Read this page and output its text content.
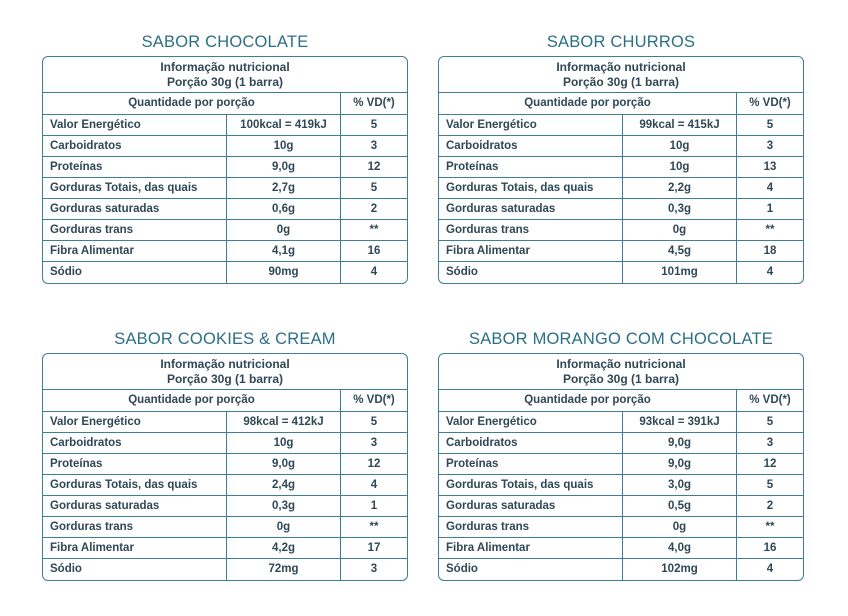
SABOR CHOCOLATE
Informação nutricional
Porção 30g (1 barra)
Quantidade por porção	% VD(*)
Valor Energético	100kcal = 419kJ	5
Carboidratos	10g	3
Proteínas	9,0g	12
Gorduras Totais, das quais	2,7g	5
Gorduras saturadas	0,6g	2
Gorduras trans	0g	**
Fibra Alimentar	4,1g	16
Sódio	90mg	4
SABOR CHURROS
Informação nutricional
Porção 30g (1 barra)
Quantidade por porção	% VD(*)
Valor Energético	99kcal = 415kJ	5
Carboidratos	10g	3
Proteínas	10g	13
Gorduras Totais, das quais	2,2g	4
Gorduras saturadas	0,3g	1
Gorduras trans	0g	**
Fibra Alimentar	4,5g	18
Sódio	101mg	4
SABOR COOKIES & CREAM
Informação nutricional
Porção 30g (1 barra)
Quantidade por porção	% VD(*)
Valor Energético	98kcal = 412kJ	5
Carboidratos	10g	3
Proteínas	9,0g	12
Gorduras Totais, das quais	2,4g	4
Gorduras saturadas	0,3g	1
Gorduras trans	0g	**
Fibra Alimentar	4,2g	17
Sódio	72mg	3
SABOR MORANGO COM CHOCOLATE
Informação nutricional
Porção 30g (1 barra)
Quantidade por porção	% VD(*)
Valor Energético	93kcal = 391kJ	5
Carboidratos	9,0g	3
Proteínas	9,0g	12
Gorduras Totais, das quais	3,0g	5
Gorduras saturadas	0,5g	2
Gorduras trans	0g	**
Fibra Alimentar	4,0g	16
Sódio	102mg	4
